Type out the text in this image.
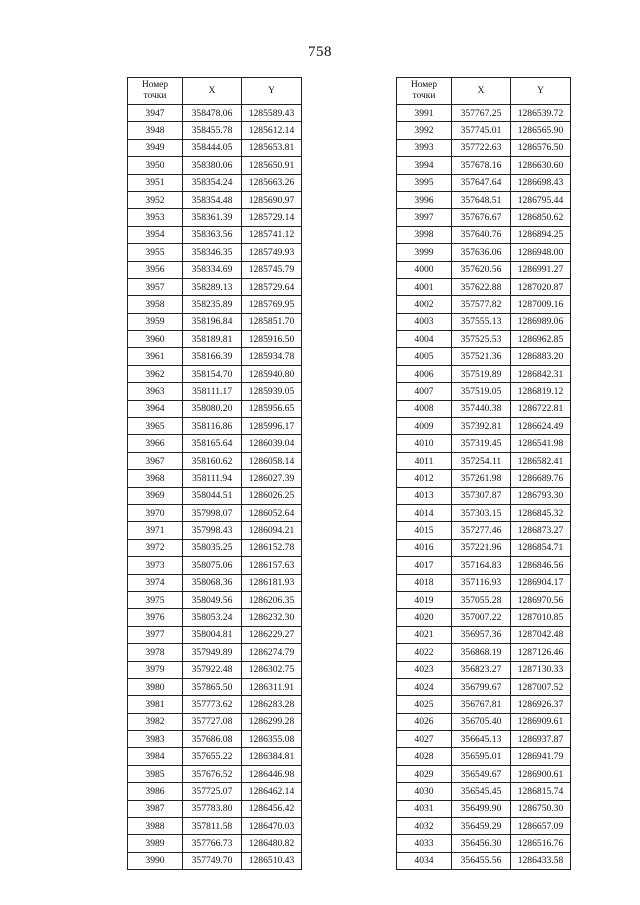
758
Номер
точки	X	Y
3947	358478.06	1285589.43
3948	358455.78	1285612.14
3949	358444.05	1285653.81
3950	358380.06	1285650.91
3951	358354.24	1285663.26
3952	358354.48	1285690.97
3953	358361.39	1285729.14
3954	358363.56	1285741.12
3955	358346.35	1285749.93
3956	358334.69	1285745.79
3957	358289.13	1285729.64
3958	358235.89	1285769.95
3959	358196.84	1285851.70
3960	358189.81	1285916.50
3961	358166.39	1285934.78
3962	358154.70	1285940.80
3963	358111.17	1285939.05
3964	358080.20	1285956.65
3965	358116.86	1285996.17
3966	358165.64	1286039.04
3967	358160.62	1286058.14
3968	358111.94	1286027.39
3969	358044.51	1286026.25
3970	357998.07	1286052.64
3971	357998.43	1286094.21
3972	358035.25	1286152.78
3973	358075.06	1286157.63
3974	358068.36	1286181.93
3975	358049.56	1286206.35
3976	358053.24	1286232.30
3977	358004.81	1286229.27
3978	357949.89	1286274.79
3979	357922.48	1286302.75
3980	357865.50	1286311.91
3981	357773.62	1286283.28
3982	357727.08	1286299.28
3983	357686.08	1286355.08
3984	357655.22	1286384.81
3985	357676.52	1286446.98
3986	357725.07	1286462.14
3987	357783.80	1286456.42
3988	357811.58	1286470.03
3989	357766.73	1286480.82
3990	357749.70	1286510.43
Номер
точки	X	Y
3991	357767.25	1286539.72
3992	357745.01	1286565.90
3993	357722.63	1286576.50
3994	357678.16	1286630.60
3995	357647.64	1286698.43
3996	357648.51	1286795.44
3997	357676.67	1286850.62
3998	357640.76	1286894.25
3999	357636.06	1286948.00
4000	357620.56	1286991.27
4001	357622.88	1287020.87
4002	357577.82	1287009.16
4003	357555.13	1286989.06
4004	357525.53	1286962.85
4005	357521.36	1286883.20
4006	357519.89	1286842.31
4007	357519.05	1286819.12
4008	357440.38	1286722.81
4009	357392.81	1286624.49
4010	357319.45	1286541.98
4011	357254.11	1286582.41
4012	357261.98	1286689.76
4013	357307.87	1286793.30
4014	357303.15	1286845.32
4015	357277.46	1286873.27
4016	357221.96	1286854.71
4017	357164.83	1286846.56
4018	357116.93	1286904.17
4019	357055.28	1286970.56
4020	357007.22	1287010.85
4021	356957.36	1287042.48
4022	356868.19	1287126.46
4023	356823.27	1287130.33
4024	356799.67	1287007.52
4025	356767.81	1286926.37
4026	356705.40	1286909.61
4027	356645.13	1286937.87
4028	356595.01	1286941.79
4029	356549.67	1286900.61
4030	356545.45	1286815.74
4031	356499.90	1286750.30
4032	356459.29	1286657.09
4033	356456.30	1286516.76
4034	356455.56	1286433.58
